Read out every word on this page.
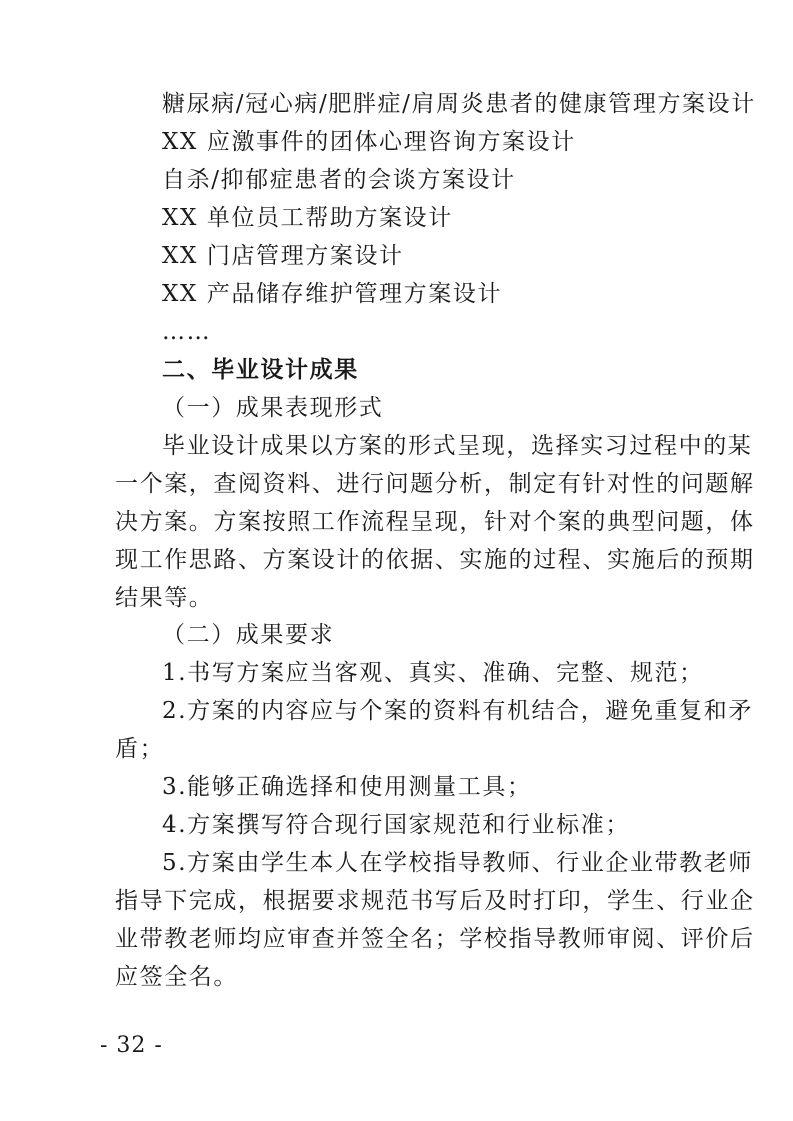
糖尿病/冠心病/肥胖症/肩周炎患者的健康管理方案设计
XX 应激事件的团体心理咨询方案设计
自杀/抑郁症患者的会谈方案设计
XX 单位员工帮助方案设计
XX 门店管理方案设计
XX 产品储存维护管理方案设计
……
二、毕业设计成果
（一）成果表现形式
毕业设计成果以方案的形式呈现，选择实习过程中的某
一个案，查阅资料、进行问题分析，制定有针对性的问题解
决方案。方案按照工作流程呈现，针对个案的典型问题，体
现工作思路、方案设计的依据、实施的过程、实施后的预期
结果等。
（二）成果要求
1.书写方案应当客观、真实、准确、完整、规范；
2.方案的内容应与个案的资料有机结合，避免重复和矛
盾；
3.能够正确选择和使用测量工具；
4.方案撰写符合现行国家规范和行业标准；
5.方案由学生本人在学校指导教师、行业企业带教老师
指导下完成，根据要求规范书写后及时打印，学生、行业企
业带教老师均应审查并签全名；学校指导教师审阅、评价后
应签全名。
- 32 -
